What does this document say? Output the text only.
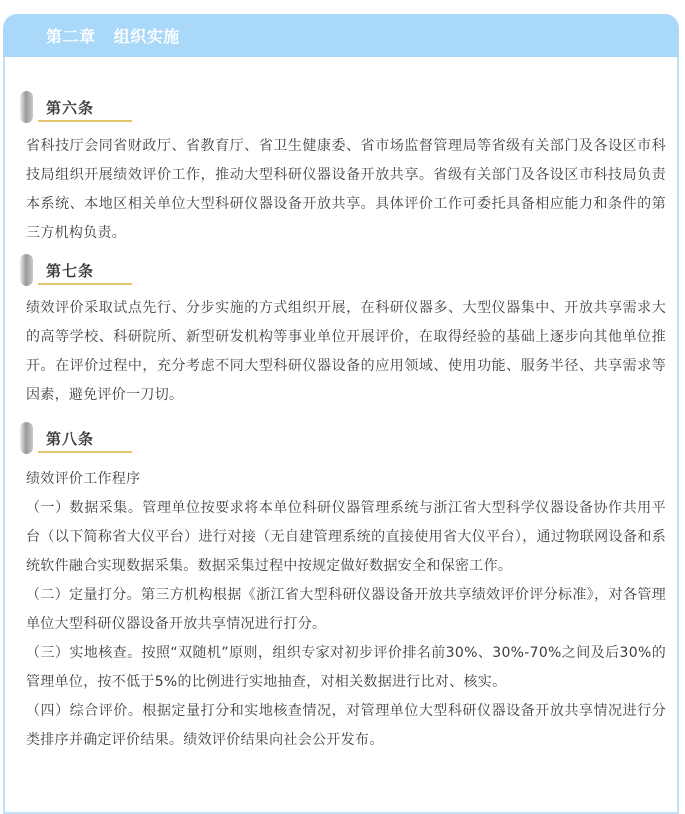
第二章   组织实施
第六条

省科技厅会同省财政厅、省教育厅、省卫生健康委、省市场监督管理局等省级有关部门及各设区市科技局组织开展绩效评价工作，推动大型科研仪器设备开放共享。省级有关部门及各设区市科技局负责本系统、本地区相关单位大型科研仪器设备开放共享。具体评价工作可委托具备相应能力和条件的第三方机构负责。

第七条

绩效评价采取试点先行、分步实施的方式组织开展，在科研仪器多、大型仪器集中、开放共享需求大的高等学校、科研院所、新型研发机构等事业单位开展评价，在取得经验的基础上逐步向其他单位推开。在评价过程中，充分考虑不同大型科研仪器设备的应用领域、使用功能、服务半径、共享需求等因素，避免评价一刀切。

第八条

绩效评价工作程序

（一）数据采集。管理单位按要求将本单位科研仪器管理系统与浙江省大型科学仪器设备协作共用平台（以下简称省大仪平台）进行对接（无自建管理系统的直接使用省大仪平台），通过物联网设备和系统软件融合实现数据采集。数据采集过程中按规定做好数据安全和保密工作。

（二）定量打分。第三方机构根据《浙江省大型科研仪器设备开放共享绩效评价评分标准》，对各管理单位大型科研仪器设备开放共享情况进行打分。

（三）实地核查。按照“双随机”原则，组织专家对初步评价排名前30%、30%-70%之间及后30%的管理单位，按不低于5%的比例进行实地抽查，对相关数据进行比对、核实。

（四）综合评价。根据定量打分和实地核查情况，对管理单位大型科研仪器设备开放共享情况进行分类排序并确定评价结果。绩效评价结果向社会公开发布。
